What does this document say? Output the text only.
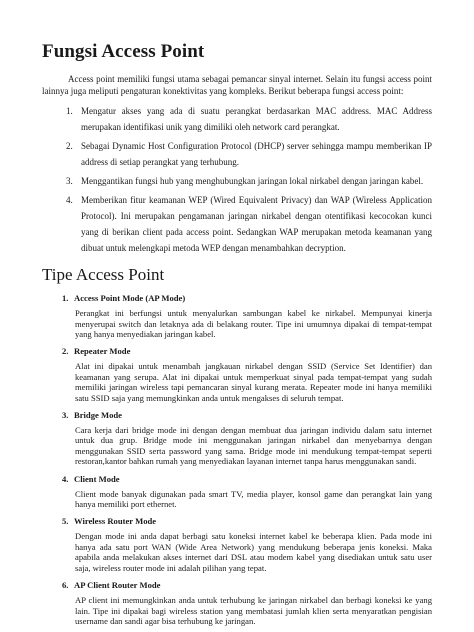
Fungsi Access Point

Access point memiliki fungsi utama sebagai pemancar sinyal internet. Selain itu fungsi access point lainnya juga meliputi pengaturan konektivitas yang kompleks. Berikut beberapa fungsi access point:

1. Mengatur akses yang ada di suatu perangkat berdasarkan MAC address. MAC Address merupakan identifikasi unik yang dimiliki oleh network card perangkat.
2. Sebagai Dynamic Host Configuration Protocol (DHCP) server sehingga mampu memberikan IP address di setiap perangkat yang terhubung.
3. Menggantikan fungsi hub yang menghubungkan jaringan lokal nirkabel dengan jaringan kabel.
4. Memberikan fitur keamanan WEP (Wired Equivalent Privacy) dan WAP (Wireless Application Protocol). Ini merupakan pengamanan jaringan nirkabel dengan otentifikasi kecocokan kunci yang di berikan client pada access point. Sedangkan WAP merupakan metoda keamanan yang dibuat untuk melengkapi metoda WEP dengan menambahkan decryption.
Tipe Access Point
1. Access Point Mode (AP Mode)

Perangkat ini berfungsi untuk menyalurkan sambungan kabel ke nirkabel. Mempunyai kinerja menyerupai switch dan letaknya ada di belakang router. Tipe ini umumnya dipakai di tempat-tempat yang hanya menyediakan jaringan kabel.

2. Repeater Mode

Alat ini dipakai untuk menambah jangkauan nirkabel dengan SSID (Service Set Identifier) dan keamanan yang serupa. Alat ini dipakai untuk memperkuat sinyal pada tempat-tempat yang sudah memiliki jaringan wireless tapi pemancaran sinyal kurang merata. Repeater mode ini hanya memiliki satu SSID saja yang memungkinkan anda untuk mengakses di seluruh tempat.

3. Bridge Mode

Cara kerja dari bridge mode ini dengan dengan membuat dua jaringan individu dalam satu internet untuk dua grup. Bridge mode ini menggunakan jaringan nirkabel dan menyebarnya dengan menggunakan SSID serta password yang sama. Bridge mode ini mendukung tempat-tempat seperti restoran,kantor bahkan rumah yang menyediakan layanan internet tanpa harus menggunakan sandi.

4. Client Mode

Client mode banyak digunakan pada smart TV, media player, konsol game dan perangkat lain yang hanya memiliki port ethernet.

5. Wireless Router Mode

Dengan mode ini anda dapat berbagi satu koneksi internet kabel ke beberapa klien. Pada mode ini hanya ada satu port WAN (Wide Area Network) yang mendukung beberapa jenis koneksi. Maka apabila anda melakukan akses internet dari DSL atau modem kabel yang disediakan untuk satu user saja, wireless router mode ini adalah pilihan yang tepat.

6. AP Client Router Mode

AP client ini memungkinkan anda untuk terhubung ke jaringan nirkabel dan berbagi koneksi ke yang lain. Tipe ini dipakai bagi wireless station yang membatasi jumlah klien serta menyaratkan pengisian username dan sandi agar bisa terhubung ke jaringan.
